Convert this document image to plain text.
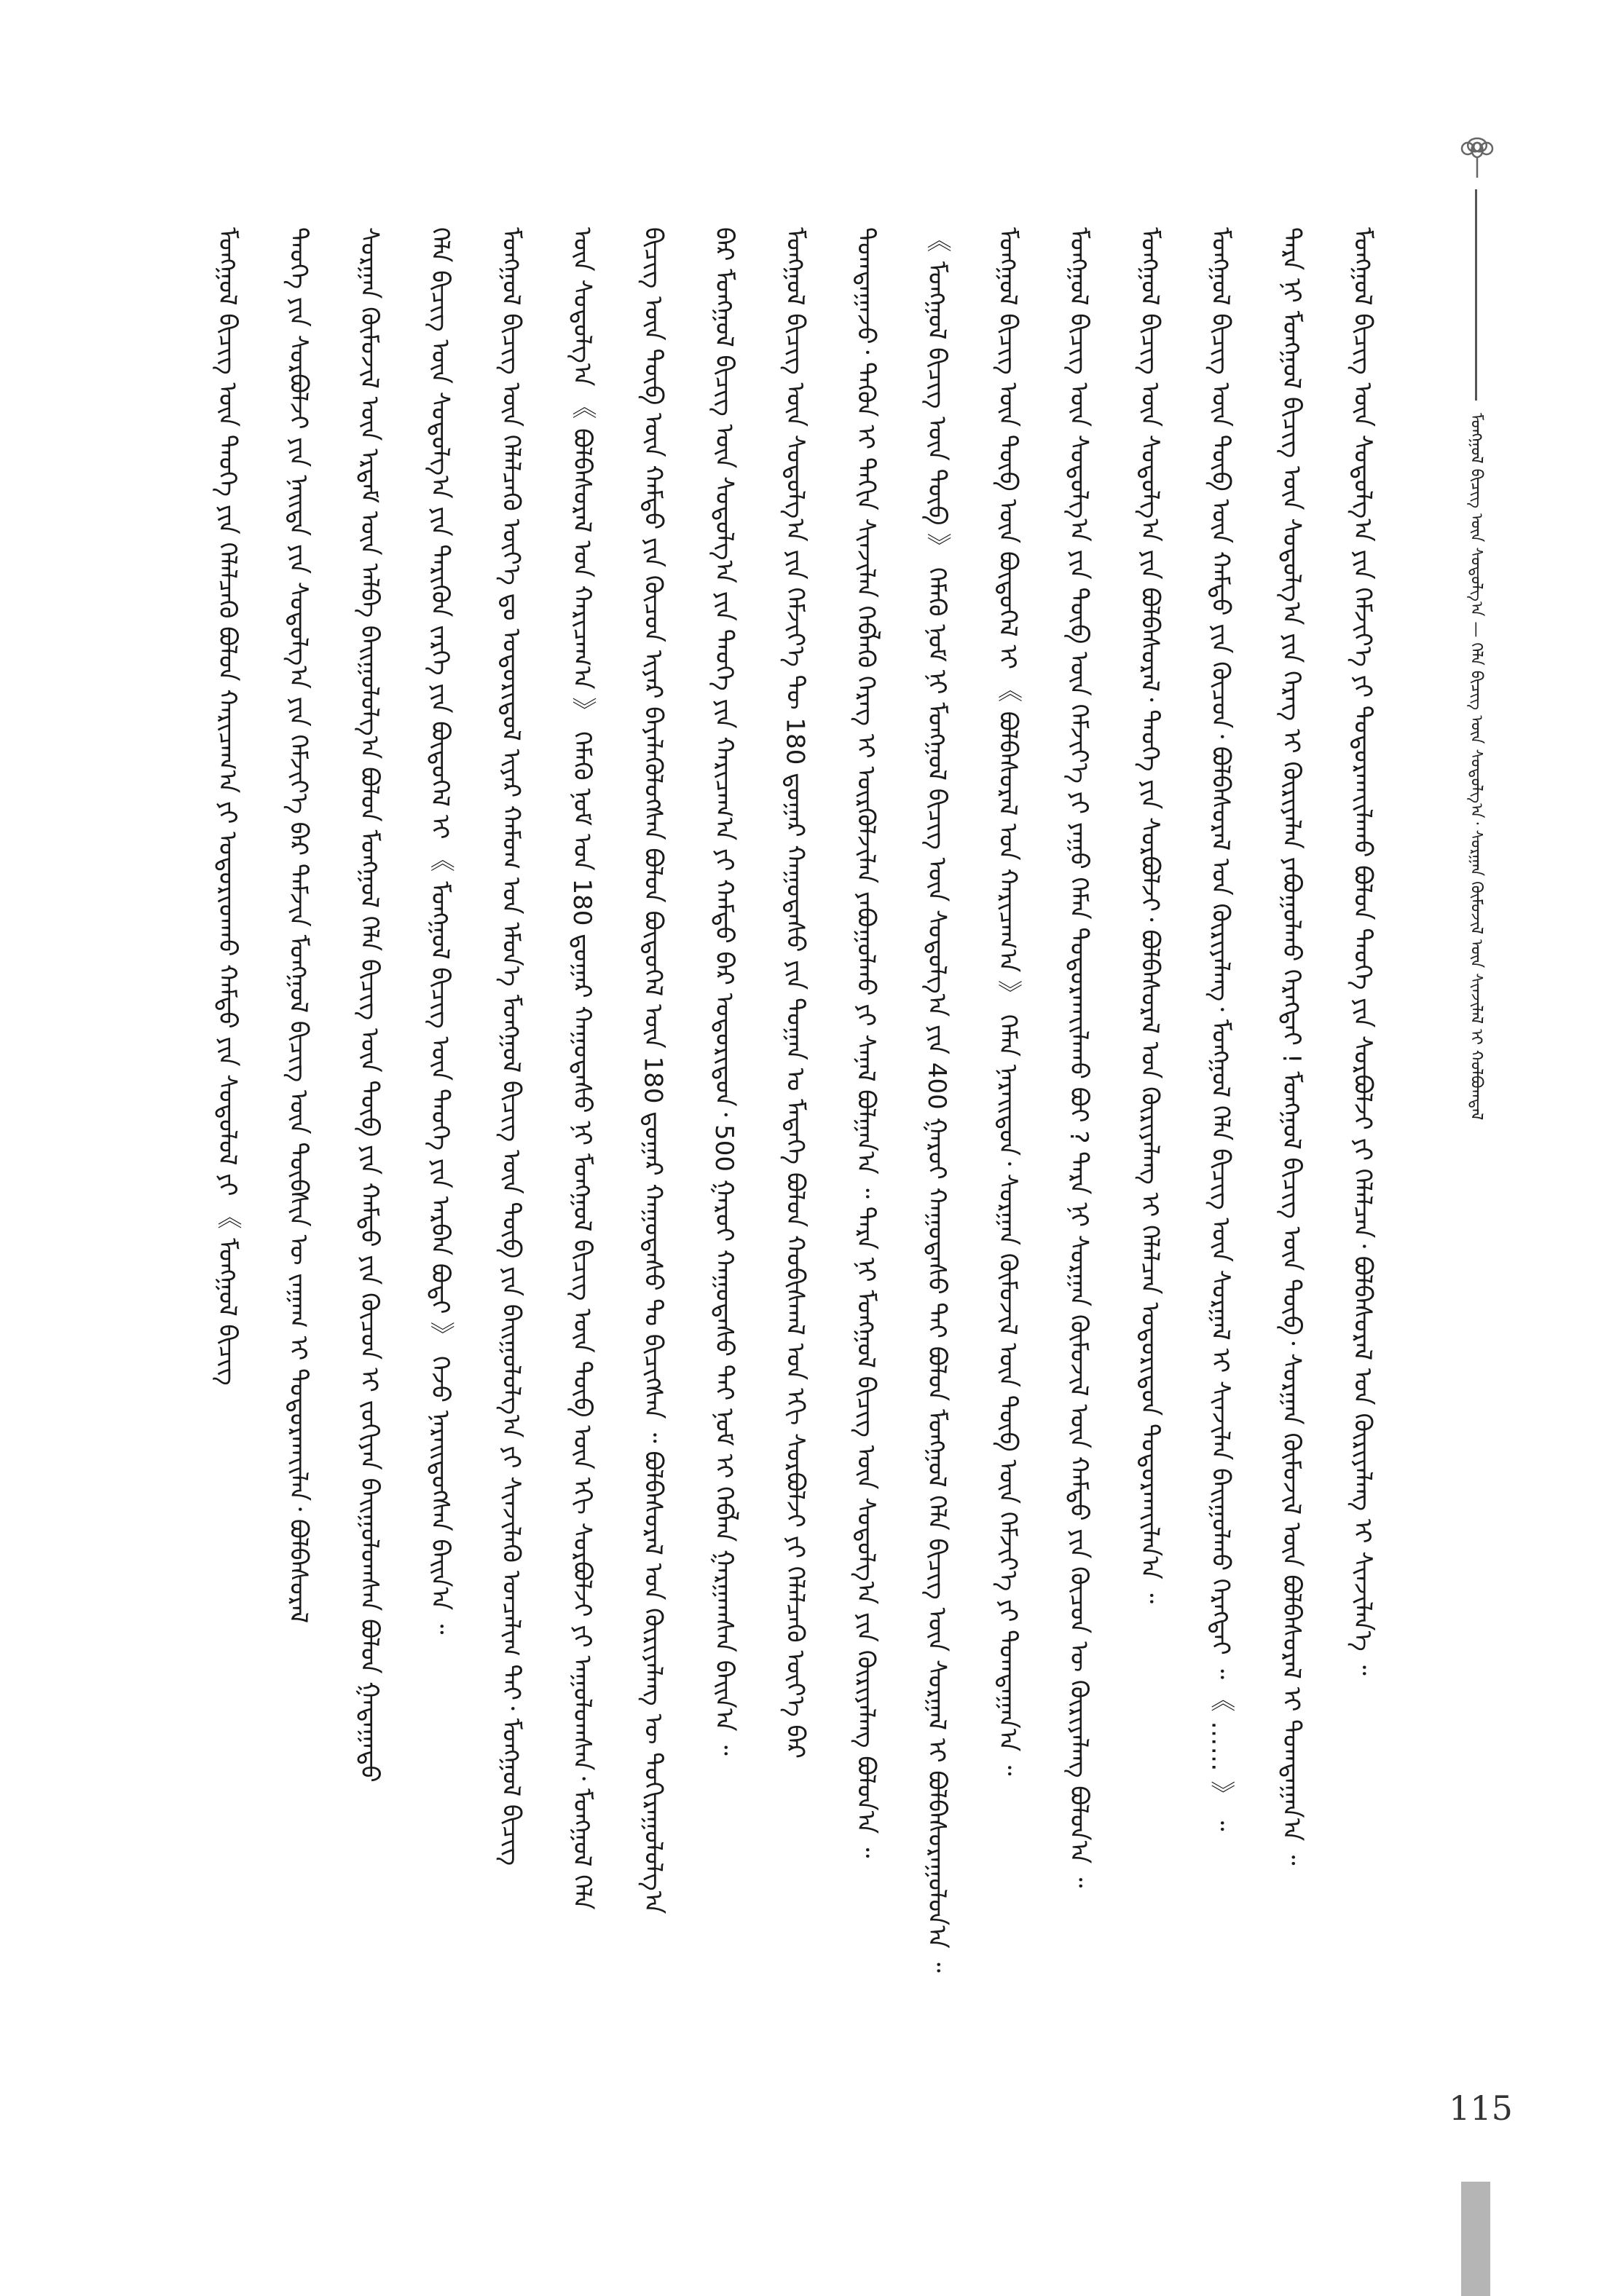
ᠮᠣᠩᠭᠣᠯ ᠪᠢᠴᠢᠭ ᠦᠨ ᠰᠤᠳᠤᠯᠭ᠎ᠠ — ᠬᠡᠯᠡ ᠪᠢᠴᠢᠭ ᠦᠨ ᠰᠤᠳᠤᠯᠭ᠎ᠠ᠂ ᠰᠤᠷᠭᠠᠨ ᠬᠦᠮᠦᠵᠢᠯ ᠦᠨ ᠰᠢᠨᠵᠢᠯᠡᠯ ᠢ ᠬᠤᠯᠪᠤᠭᠳᠠᠯ
ᠮᠣᠩᠭᠣᠯ ᠪᠢᠴᠢᠭ ᠦᠨ ᠲᠡᠦᠬᠡ ᠶᠢᠨ ᠬᠡᠯᠡᠯᠴᠡᠬᠦ ᠪᠣᠯᠤᠨ ᠬᠠᠷᠢᠴᠠᠭ᠎ᠠ ᠶᠢ ᠤᠳᠤᠷᠢᠳᠬᠤ ᠬᠠᠮᠲᠤ ᠶᠢᠨ ᠰᠤᠳᠤᠯᠤᠯ ᠶᠢ 《 ᠮᠣᠩᠭᠣᠯ ᠪᠢᠴᠢᠭ	ᠲᠡᠦᠬᠡ ᠶᠢᠨ ᠰᠤᠷᠪᠤᠯᠵᠢ ᠶᠢᠨ ᠨᠡᠢᠲᠡ ᠶᠢᠨ ᠰᠤᠳᠤᠯᠭ᠎ᠠ ᠶᠢᠨ ᠬᠡᠮᠵᠢᠶ᠎ᠡ ᠪᠠᠷ ᠳᠠᠮᠵᠢᠨ ᠮᠣᠩᠭᠣᠯ ᠪᠢᠴᠢᠭ ᠦᠨ ᠲᠦᠪᠰᠢᠨ ᠦ ᠵᠠᠭᠠᠭ ᠢ ᠲᠣᠳᠤᠷᠬᠠᠶ᠋ᠢᠯᠠᠨ᠂ ᠪᠣᠯᠪᠠᠰᠤᠷᠠᠯ	ᠰᠤᠷᠭᠠᠨ ᠬᠦᠮᠦᠵᠢᠯ ᠦᠨ ᠡᠷᠳᠡᠮ ᠦᠨ ᠠᠯᠪᠠ ᠪᠠᠢᠭᠤᠯᠤᠯᠭ᠎ᠠ ᠪᠣᠯᠤᠨ ᠮᠣᠩᠭᠣᠯ ᠬᠡᠯᠡ ᠪᠢᠴᠢᠭ ᠦᠨ ᠲᠦᠪ ᠶᠢᠨ ᠬᠠᠮᠲᠤ ᠶᠢᠨ ᠬᠦᠴᠦᠨ ᠢ ᠵᠣᠬᠢᠶᠠᠨ ᠪᠠᠢᠭᠤᠯᠤᠭᠰᠠᠨ ᠪᠣᠯᠤᠨ ᠭᠠᠳᠠᠭᠠᠳᠤ	ᠬᠡᠯᠡ ᠪᠢᠴᠢᠭ ᠦᠨ ᠰᠤᠳᠤᠯᠭ᠎ᠠ ᠶᠢᠨ ᠲᠡᠷᠢᠭᠦᠨ ᠵᠡᠷᠭᠡ ᠶᠢᠨ ᠪᠦᠲᠦᠭᠡᠯ ᠢ 《 ᠮᠣᠩᠭᠣᠯ ᠪᠢᠴᠢᠭ ᠦᠨ ᠲᠡᠦᠬᠡ ᠶᠢᠨ ᠠᠷᠪᠠᠨ ᠪᠣᠳᠢ 》 ᠭᠡᠵᠦ ᠨᠡᠷᠡᠢᠳᠦᠭᠰᠡᠨ ᠪᠠᠢᠨ᠎ᠠ ᠃	ᠮᠣᠩᠭᠣᠯ ᠪᠢᠴᠢᠭ ᠦᠨ ᠬᠡᠯᠡᠯᠴᠡᠬᠦ ᠦᠶ᠎ᠡ ᠳᠤ ᠤᠳᠤᠷᠢᠳᠤᠯ ᠢᠶᠠᠷ ᠬᠠᠮᠤᠭ ᠤᠨ ᠡᠮᠦᠨ᠎ᠡ ᠮᠣᠩᠭᠣᠯ ᠪᠢᠴᠢᠭ ᠦᠨ ᠲᠦᠪ ᠶᠢᠨ ᠪᠠᠢᠭᠤᠯᠤᠯᠭ᠎ᠠ ᠶᠢ ᠰᠢᠨᠵᠢᠯᠡᠬᠦ ᠣᠨᠴᠠᠯᠢᠭ ᠲᠠᠢ᠂ ᠮᠣᠩᠭᠣᠯ ᠪᠢᠴᠢᠭ	ᠦᠨ ᠰᠤᠳᠤᠯᠭ᠎ᠠ 《 ᠪᠣᠯᠪᠠᠰᠤᠷᠠᠯ ᠤᠨ ᠬᠠᠷᠢᠴᠠᠭ᠎ᠠ 》 ᠬᠡᠮᠡᠬᠦ ᠨᠣᠮ ᠤᠨ 180 ᠳ᠋ᠤᠭᠠᠷ ᠬᠠᠭᠤᠳᠠᠰᠤ ᠨᠢ ᠮᠣᠩᠭᠣᠯ ᠪᠢᠴᠢᠭ ᠦᠨ ᠲᠦᠪ ᠦᠨ ᠡᠬᠢ ᠰᠤᠷᠪᠤᠯᠵᠢ ᠶᠢ ᠠᠭᠤᠯᠤᠭᠰᠠᠨ᠂ ᠮᠣᠩᠭᠣᠯ ᠬᠡᠯᠡ	ᠪᠢᠴᠢᠭ ᠦᠨ ᠲᠦᠪ ᠦᠨ ᠬᠠᠮᠲᠤ ᠶᠢᠨ ᠬᠦᠴᠦᠨ ᠢᠶᠡᠷ ᠪᠡᠶᠡᠯᠡᠭᠦᠯᠦᠭᠰᠡᠨ ᠪᠣᠯᠤᠨ ᠪᠦᠲᠦᠭᠡᠯ ᠦᠨ 180 ᠳ᠋ᠤᠭᠠᠷ ᠬᠠᠭᠤᠳᠠᠰᠤ ᠲᠤ ᠪᠢᠴᠢᠭᠰᠡᠨ ᠃ ᠪᠣᠯᠪᠠᠰᠤᠷᠠᠯ ᠤᠨ ᠬᠦᠷᠢᠶᠡᠯᠡᠩ ᠦ ᠲᠣᠬᠢᠷᠠᠭᠤᠯᠤᠯᠭ᠎ᠠ	ᠪᠠᠷ ᠮᠣᠩᠭᠣᠯ ᠪᠢᠴᠢᠭ ᠦᠨ ᠰᠤᠳᠤᠯᠭ᠎ᠠ ᠶᠢᠨ ᠲᠡᠦᠬᠡ ᠶᠢᠨ ᠬᠠᠷᠢᠴᠠᠭ᠎ᠠ ᠶᠢ ᠬᠠᠮᠲᠤ ᠪᠠᠷ ᠤᠳᠤᠷᠢᠳᠤᠨ᠂ 500 ᠭᠠᠷᠤᠢ ᠬᠠᠭᠤᠳᠠᠰᠤ ᠲᠠᠢ ᠨᠣᠮ ᠢ ᠬᠡᠪᠯᠡᠨ ᠭᠠᠷᠭᠠᠭᠰᠠᠨ ᠪᠠᠢᠨ᠎ᠠ ᠃	ᠮᠣᠩᠭᠣᠯ ᠪᠢᠴᠢᠭ ᠦᠨ ᠰᠤᠳᠤᠯᠭ᠎ᠠ ᠶᠢᠨ ᠬᠡᠮᠵᠢᠶ᠎ᠡ ᠲᠦ 180 ᠳ᠋ᠤᠭᠠᠷ ᠬᠠᠭᠤᠳᠠᠰᠤ ᠶᠢᠨ ᠲᠣᠭᠠᠨ ᠤ ᠮᠡᠳᠡᠭᠡ ᠪᠣᠯᠤᠨ ᠬᠤᠪᠢᠰᠬᠠᠯ ᠤᠨ ᠡᠬᠢ ᠰᠤᠷᠪᠤᠯᠵᠢ ᠶᠢ ᠬᠡᠯᠡᠯᠴᠡᠬᠦ ᠦᠶ᠎ᠡ ᠪᠠᠷ	ᠲᠣᠭᠲᠠᠭᠠᠵᠤ᠂ ᠲᠡᠭᠦᠨ ᠢ ᠳᠠᠬᠢᠨ ᠰᠢᠨᠵᠢᠯᠡᠨ ᠬᠡᠪᠯᠡᠬᠦ ᠬᠡᠷᠡᠭ ᠢ ᠦᠷᠭᠦᠯᠵᠢᠯᠡᠨ ᠶᠠᠪᠤᠭᠤᠯᠬᠤ ᠶᠢ ᠰᠠᠨᠠᠯ ᠪᠣᠯᠭᠠᠨ᠎ᠠ ᠃ ᠲᠡᠷᠡ ᠨᠢ ᠮᠣᠩᠭᠣᠯ ᠪᠢᠴᠢᠭ ᠦᠨ ᠰᠤᠳᠤᠯᠭ᠎ᠠ ᠶᠢᠨ ᠬᠦᠷᠢᠶᠡᠯᠡᠩ ᠪᠣᠯᠤᠨ᠎ᠠ ᠃	《 ᠮᠣᠩᠭᠣᠯ ᠪᠢᠴᠢᠭ ᠦᠨ ᠲᠦᠪ 》 ᠬᠡᠮᠡᠬᠦ ᠨᠣᠮ ᠨᠢ ᠮᠣᠩᠭᠣᠯ ᠪᠢᠴᠢᠭ ᠦᠨ ᠰᠤᠳᠤᠯᠭ᠎ᠠ ᠶᠢᠨ 400 ᠭᠠᠷᠤᠢ ᠬᠠᠭᠤᠳᠠᠰᠤ ᠲᠠᠢ ᠪᠣᠯᠤᠨ ᠮᠣᠩᠭᠣᠯ ᠬᠡᠯᠡ ᠪᠢᠴᠢᠭ ᠦᠨ ᠰᠤᠷᠭᠠᠯ ᠢ ᠪᠣᠯᠪᠠᠰᠤᠷᠠᠭᠤᠯᠤᠨ᠎ᠠ ᠃	ᠮᠣᠩᠭᠣᠯ ᠪᠢᠴᠢᠭ ᠦᠨ ᠲᠦᠪ ᠦᠨ ᠪᠦᠲᠦᠭᠡᠯ ᠢ 《 ᠪᠣᠯᠪᠠᠰᠤᠷᠠᠯ ᠤᠨ ᠬᠠᠷᠢᠴᠠᠭ᠎ᠠ 》 ᠬᠡᠮᠡᠨ ᠨᠡᠷᠡᠢᠳᠦᠨ᠂ ᠰᠤᠷᠭᠠᠨ ᠬᠦᠮᠦᠵᠢᠯ ᠦᠨ ᠲᠦᠪ ᠦᠨ ᠬᠡᠮᠵᠢᠶ᠎ᠡ ᠶᠢ ᠲᠣᠭᠲᠠᠭᠠᠨ᠎ᠠ ᠃	ᠮᠣᠩᠭᠣᠯ ᠪᠢᠴᠢᠭ ᠦᠨ ᠰᠤᠳᠤᠯᠭ᠎ᠠ ᠶᠢᠨ ᠲᠦᠪ ᠦᠨ ᠬᠡᠮᠵᠢᠶ᠎ᠡ ᠶᠢ ᠶᠠᠭᠤ ᠬᠡᠮᠡᠨ ᠲᠣᠳᠤᠷᠬᠠᠶ᠋ᠢᠯᠠᠬᠤ ᠪᠤᠢ ? ᠲᠡᠷᠡ ᠨᠢ ᠰᠤᠷᠭᠠᠨ ᠬᠦᠮᠦᠵᠢᠯ ᠦᠨ ᠬᠠᠮᠲᠤ ᠶᠢᠨ ᠬᠦᠴᠦᠨ ᠦ ᠬᠦᠷᠢᠶᠡᠯᠡᠩ ᠪᠣᠯᠤᠨ᠎ᠠ ᠃	ᠮᠣᠩᠭᠣᠯ ᠪᠢᠴᠢᠭ ᠦᠨ ᠰᠤᠳᠤᠯᠭ᠎ᠠ ᠶᠢᠨ ᠪᠣᠯᠪᠠᠰᠤᠷᠠᠯ᠂ ᠲᠡᠦᠬᠡ ᠶᠢᠨ ᠰᠤᠷᠪᠤᠯᠵᠢ᠂ ᠪᠣᠯᠪᠠᠰᠤᠷᠠᠯ ᠤᠨ ᠬᠦᠷᠢᠶᠡᠯᠡᠩ ᠢ ᠬᠡᠯᠡᠯᠴᠡᠨ ᠤᠳᠤᠷᠢᠳᠤᠨ ᠲᠣᠳᠤᠷᠬᠠᠶ᠋ᠢᠯᠠᠨ᠎ᠠ ᠃	ᠮᠣᠩᠭᠣᠯ ᠪᠢᠴᠢᠭ ᠦᠨ ᠲᠦᠪ ᠦᠨ ᠬᠠᠮᠲᠤ ᠶᠢᠨ ᠬᠦᠴᠦᠨ᠂ ᠪᠣᠯᠪᠠᠰᠤᠷᠠᠯ ᠤᠨ ᠬᠦᠷᠢᠶᠡᠯᠡᠩ᠂ ᠮᠣᠩᠭᠣᠯ ᠬᠡᠯᠡ ᠪᠢᠴᠢᠭ ᠦᠨ ᠰᠤᠷᠭᠠᠯ ᠢ ᠰᠢᠨᠵᠢᠯᠡᠨ ᠪᠠᠢᠭᠤᠯᠬᠤ ᠬᠡᠷᠡᠭᠲᠡᠢ ᠃ 《 …… 》 ᠃	ᠲᠡᠷᠡ ᠨᠢ ᠮᠣᠩᠭᠣᠯ ᠪᠢᠴᠢᠭ ᠦᠨ ᠰᠤᠳᠤᠯᠭ᠎ᠠ ᠶᠢᠨ ᠬᠡᠷᠡᠭ ᠢ ᠬᠦᠷᠢᠶᠡᠯᠡᠨ ᠶᠠᠪᠤᠭᠤᠯᠬᠤ ᠬᠡᠷᠡᠭᠲᠡᠢ ! ᠮᠣᠩᠭᠣᠯ ᠪᠢᠴᠢᠭ ᠦᠨ ᠲᠦᠪ᠂ ᠰᠤᠷᠭᠠᠨ ᠬᠦᠮᠦᠵᠢᠯ ᠦᠨ ᠪᠣᠯᠪᠠᠰᠤᠷᠠᠯ ᠢ ᠲᠣᠭᠲᠠᠭᠠᠨ᠎ᠠ ᠃	ᠮᠣᠩᠭᠣᠯ ᠪᠢᠴᠢᠭ ᠦᠨ ᠰᠤᠳᠤᠯᠭ᠎ᠠ ᠶᠢᠨ ᠬᠡᠮᠵᠢᠶ᠎ᠡ ᠶᠢ ᠲᠣᠳᠤᠷᠬᠠᠶ᠋ᠢᠯᠠᠬᠤ ᠪᠣᠯᠤᠨ ᠲᠡᠦᠬᠡ ᠶᠢᠨ ᠰᠤᠷᠪᠤᠯᠵᠢ ᠶᠢ ᠬᠡᠯᠡᠯᠴᠡᠨ᠂ ᠪᠣᠯᠪᠠᠰᠤᠷᠠᠯ ᠤᠨ ᠬᠦᠷᠢᠶᠡᠯᠡᠩ ᠢ ᠰᠢᠨᠵᠢᠯᠡᠨ᠎ᠡ ᠃
115
